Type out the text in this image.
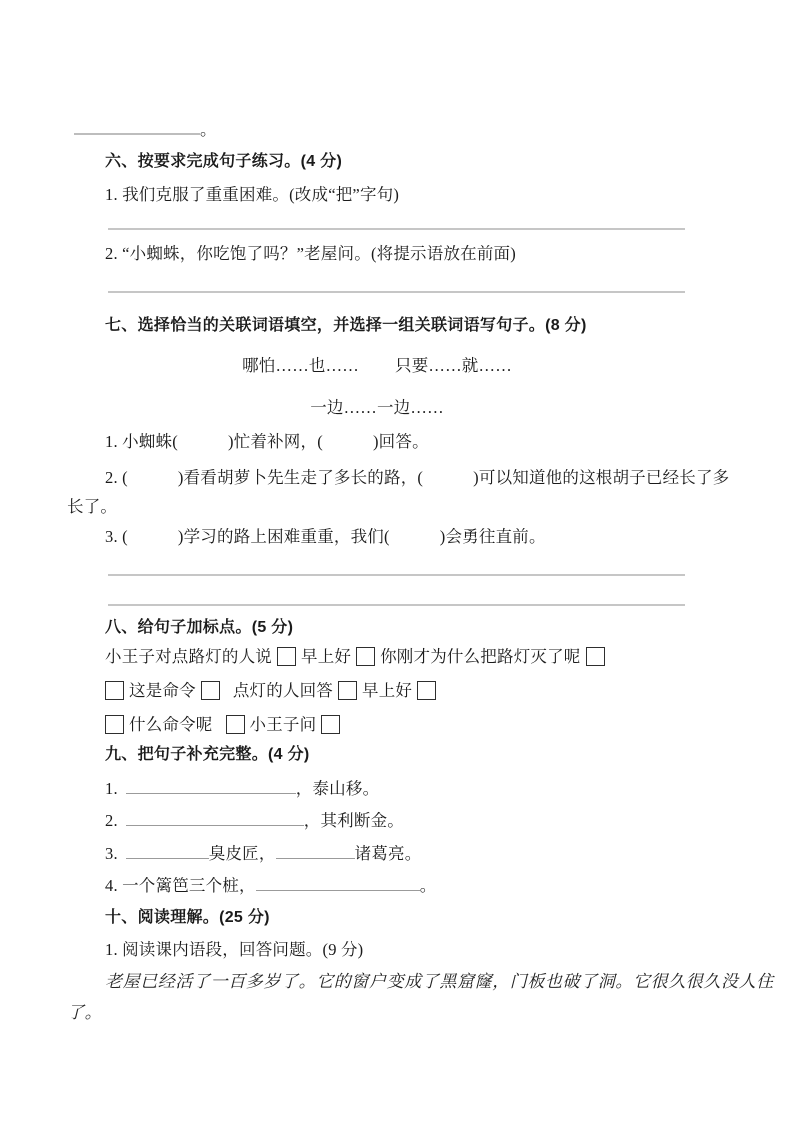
。
六、按要求完成句子练习。(4 分)
1. 我们克服了重重困难。(改成“把”字句)
2. “小蜘蛛，你吃饱了吗？”老屋问。(将提示语放在前面)
七、选择恰当的关联词语填空，并选择一组关联词语写句子。(8 分)
哪怕……也…… 只要……就……
一边……一边……
1. 小蜘蛛(　　　)忙着补网，(　　　)回答。
2. (　　　)看看胡萝卜先生走了多长的路，(　　　)可以知道他的这根胡子已经长了多
长了。
3. (　　　)学习的路上困难重重，我们(　　　)会勇往直前。
八、给句子加标点。(5 分)
小王子对点路灯的人说 早上好 你刚才为什么把路灯灭了呢
这是命令 点灯的人回答 早上好
什么命令呢 小王子问
九、把句子补充完整。(4 分)
1.	，泰山移。
2.	，其利断金。
3.	臭皮匠，	诸葛亮。
4. 一个篱笆三个桩，	。
十、阅读理解。(25 分)
1. 阅读课内语段，回答问题。(9 分)
老屋已经活了一百多岁了。它的窗户变成了黑窟窿，门板也破了洞。它很久很久没人住
了。
